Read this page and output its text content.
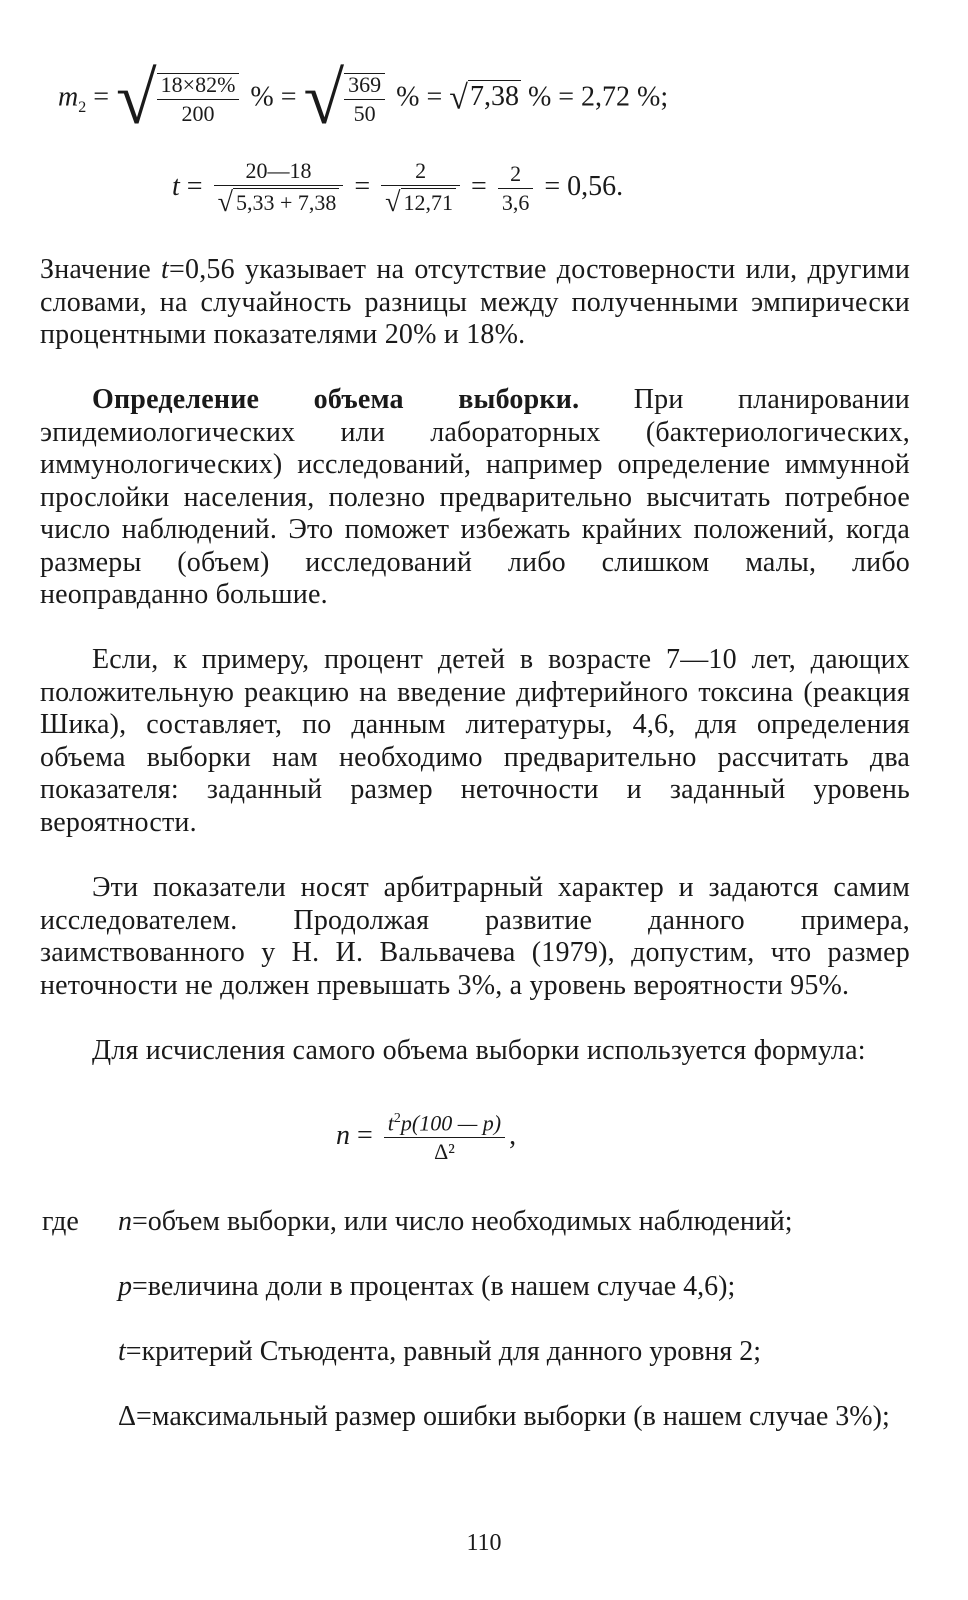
$m_2$ = √ $\frac{18\times 82\%}{200}$ % = √ $\frac{369}{50}$ % = √7,38 % = 2,72 %;
$t = \frac{20—18}{√ 5,33 + 7,38} = \frac{2}{√ 12,71} = \frac{2}{3,6} = 0,56$.
Значение t=0,56 указывает на отсутствие достоверности или, другими словами, на случайность разницы между полученными эмпирически процентными показателями 20% и 18%.
Определение объема выборки. При планировании эпидемиологических или лабораторных (бактериологических, иммунологических) исследований, например определение иммунной прослойки населения, полезно предварительно высчитать потребное число наблюдений. Это поможет избежать крайних положений, когда размеры (объем) исследований либо слишком малы, либо неоправданно большие.
Если, к примеру, процент детей в возрасте 7—10 лет, дающих положительную реакцию на введение дифтерийного токсина (реакция Шика), составляет, по данным литературы, 4,6, для определения объема выборки нам необходимо предварительно рассчитать два показателя: заданный размер неточности и заданный уровень вероятности.
Эти показатели носят арбитрарный характер и задаются самим исследователем. Продолжая развитие данного примера, заимствованного у Н. И. Вальвачева (1979), допустим, что размер неточности не должен превышать 3%, а уровень вероятности 95%.
Для исчисления самого объема выборки используется формула:
$n = \frac{t^2p(100 — p)}{\text{Δ²}}$ ,
где n=объем выборки, или число необходимых наблюдений;
p=величина доли в процентах (в нашем случае 4,6);
t=критерий Стьюдента, равный для данного уровня 2;
Δ=максимальный размер ошибки выборки (в нашем случае 3%);
110
